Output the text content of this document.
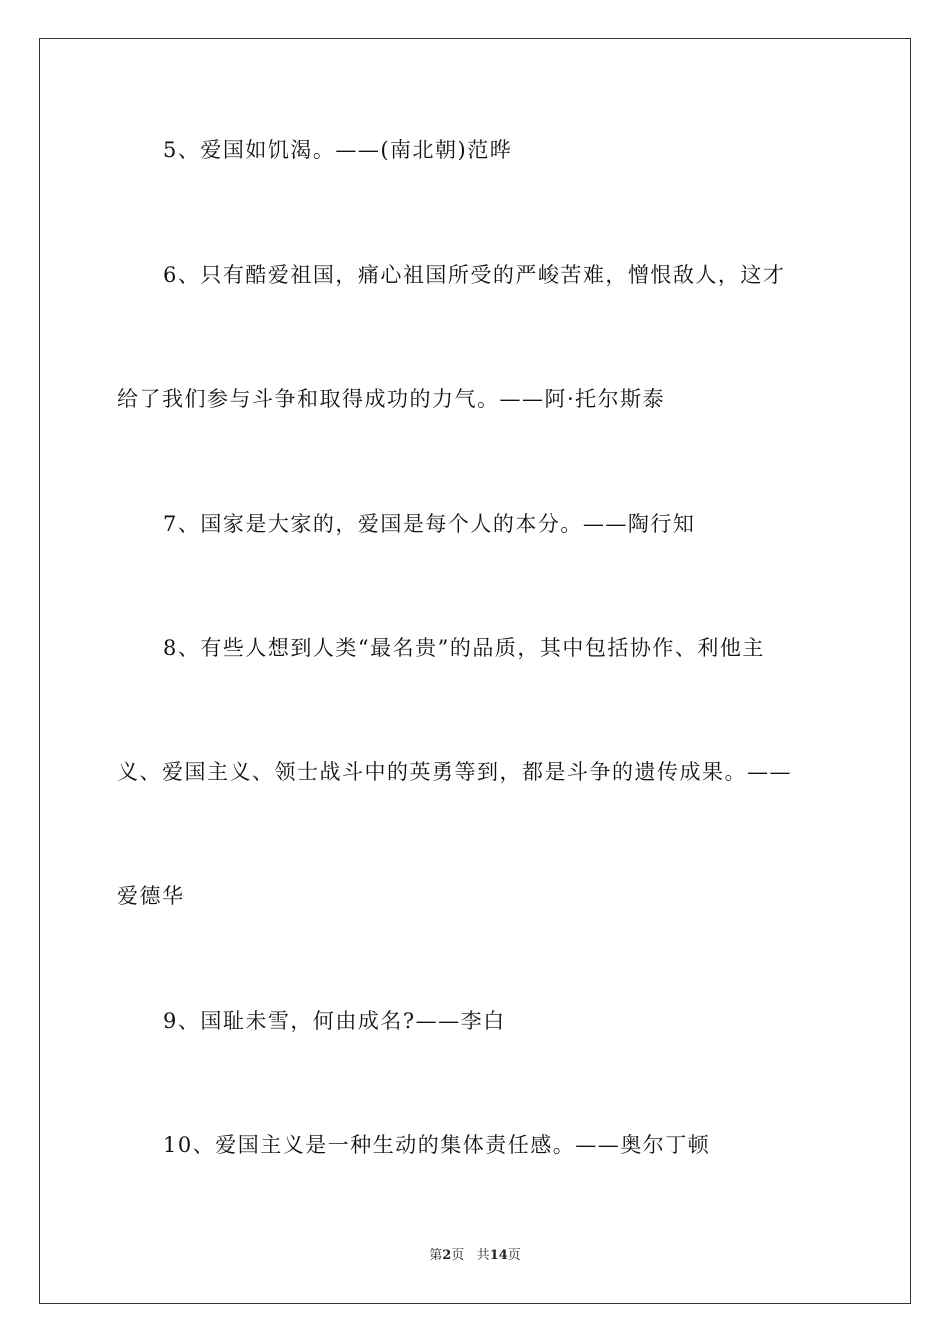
5、爱国如饥渴。——(南北朝)范晔
6、只有酷爱祖国，痛心祖国所受的严峻苦难，憎恨敌人，这才
给了我们参与斗争和取得成功的力气。——阿·托尔斯泰
7、国家是大家的，爱国是每个人的本分。——陶行知
8、有些人想到人类“最名贵”的品质，其中包括协作、利他主
义、爱国主义、领士战斗中的英勇等到，都是斗争的遗传成果。——
爱德华
9、国耻未雪，何由成名?——李白
10、爱国主义是一种生动的集体责任感。——奥尔丁顿
第2页 共14页
